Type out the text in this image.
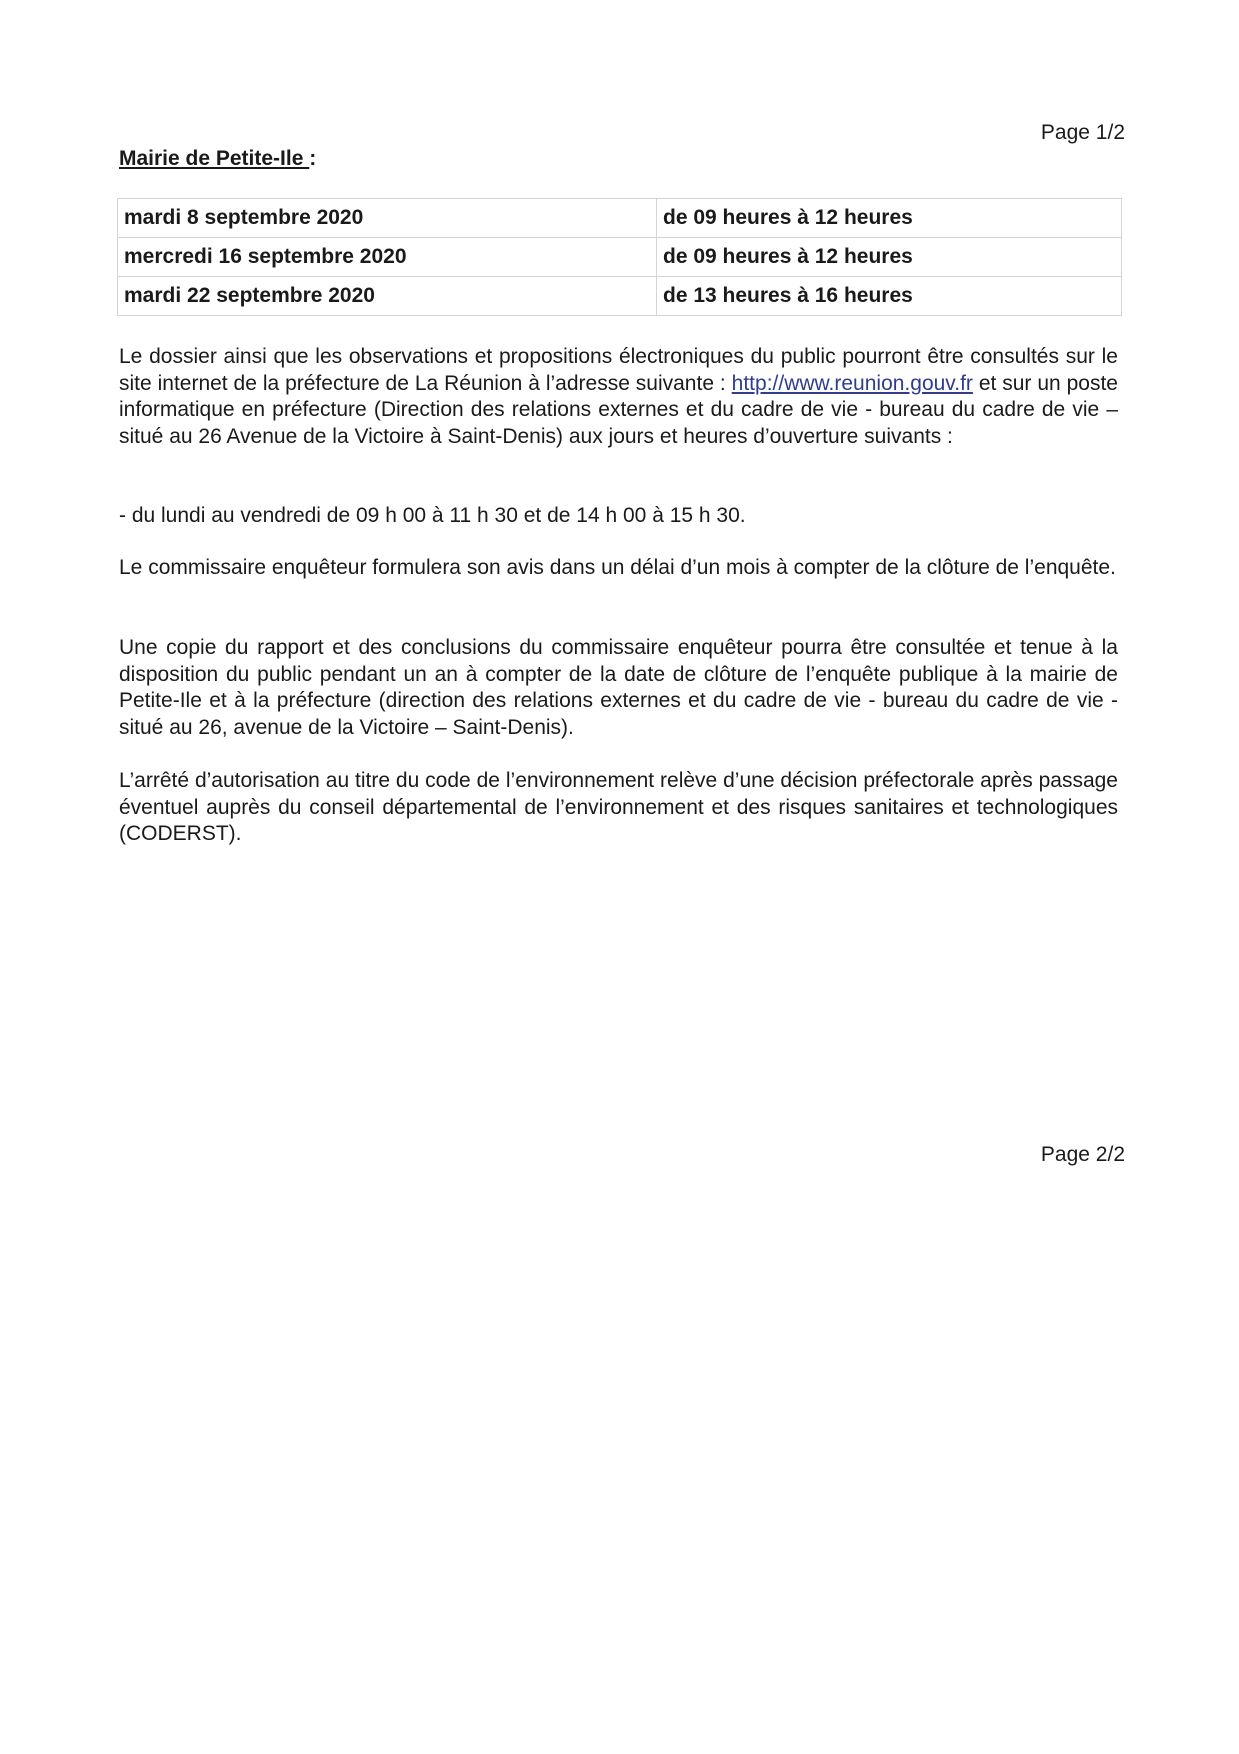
Page 1/2
Mairie de Petite-Ile :
mardi 8 septembre 2020	de 09 heures à 12 heures
mercredi 16 septembre 2020	de 09 heures à 12 heures
mardi 22 septembre 2020	de 13 heures à 16 heures

Le dossier ainsi que les observations et propositions électroniques du public pourront être consultés sur le site internet de la préfecture de La Réunion à l’adresse suivante : http://www.reunion.gouv.fr et sur un poste informatique en préfecture (Direction des relations externes et du cadre de vie - bureau du cadre de vie – situé au 26 Avenue de la Victoire à Saint-Denis) aux jours et heures d’ouverture suivants :

- du lundi au vendredi de 09 h 00 à 11 h 30 et de 14 h 00 à 15 h 30.

Le commissaire enquêteur formulera son avis dans un délai d’un mois à compter de la clôture de l’enquête.

Une copie du rapport et des conclusions du commissaire enquêteur pourra être consultée et tenue à la disposition du public pendant un an à compter de la date de clôture de l’enquête publique à la mairie de Petite-Ile et à la préfecture (direction des relations externes et du cadre de vie - bureau du cadre de vie - situé au 26, avenue de la Victoire – Saint-Denis).

L’arrêté d’autorisation au titre du code de l’environnement relève d’une décision préfectorale après passage éventuel auprès du conseil départemental de l’environnement et des risques sanitaires et technologiques (CODERST).

Page 2/2
